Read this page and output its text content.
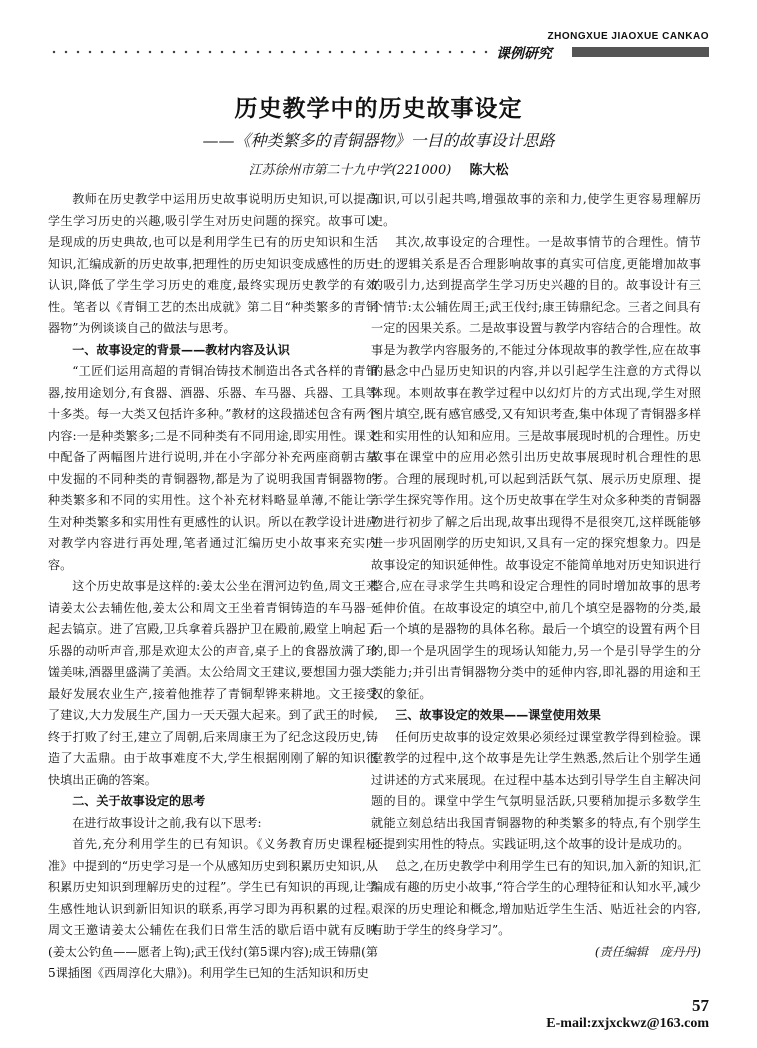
ZHONGXUE JIAOXUE CANKAO
课例研究
历史教学中的历史故事设定
——《种类繁多的青铜器物》一目的故事设计思路
江苏徐州市第二十九中学(221000) 陈大松

教师在历史教学中运用历史故事说明历史知识,可以提高学生学习历史的兴趣,吸引学生对历史问题的探究。故事可以是现成的历史典故,也可以是利用学生已有的历史知识和生活知识,汇编成新的历史故事,把理性的历史知识变成感性的历史认识,降低了学生学习历史的难度,最终实现历史教学的有效性。笔者以《青铜工艺的杰出成就》第二目“种类繁多的青铜器物”为例谈谈自己的做法与思考。

一、故事设定的背景——教材内容及认识

“工匠们运用高超的青铜冶铸技术制造出各式各样的青铜器,按用途划分,有食器、酒器、乐器、车马器、兵器、工具等十多类。每一大类又包括许多种。”教材的这段描述包含有两个内容:一是种类繁多;二是不同种类有不同用途,即实用性。课文中配备了两幅图片进行说明,并在小字部分补充两座商朝古墓中发掘的不同种类的青铜器物,都是为了说明我国青铜器物的种类繁多和不同的实用性。这个补充材料略显单薄,不能让学生对种类繁多和实用性有更感性的认识。所以在教学设计进应对教学内容进行再处理,笔者通过汇编历史小故事来充实内容。

这个历史故事是这样的:姜太公坐在渭河边钓鱼,周文王来请姜太公去辅佐他,姜太公和周文王坐着青铜铸造的车马器一起去镐京。进了宫殿,卫兵拿着兵器护卫在殿前,殿堂上响起了乐器的动听声音,那是欢迎太公的声音,桌子上的食器放满了珍馐美味,酒器里盛满了美酒。太公给周文王建议,要想国力强大,最好发展农业生产,接着他推荐了青铜犁铧来耕地。文王接受了建议,大力发展生产,国力一天天强大起来。到了武王的时候,终于打败了纣王,建立了周朝,后来周康王为了纪念这段历史,铸造了大盂鼎。由于故事难度不大,学生根据刚刚了解的知识很快填出正确的答案。

二、关于故事设定的思考

在进行故事设计之前,我有以下思考:

首先,充分利用学生的已有知识。《义务教育历史课程标准》中提到的“历史学习是一个从感知历史到积累历史知识,从积累历史知识到理解历史的过程”。学生已有知识的再现,让学生感性地认识到新旧知识的联系,再学习即为再积累的过程。周文王邀请姜太公辅佐在我们日常生活的歇后语中就有反映(姜太公钓鱼——愿者上钩);武王伐纣(第5课内容);成王铸鼎(第5课插图《西周淳化大鼎》)。利用学生已知的生活知识和历史

知识,可以引起共鸣,增强故事的亲和力,使学生更容易理解历史。

其次,故事设定的合理性。一是故事情节的合理性。情节上的逻辑关系是否合理影响故事的真实可信度,更能增加故事的吸引力,达到提高学生学习历史兴趣的目的。故事设计有三个情节:太公辅佐周王;武王伐纣;康王铸鼎纪念。三者之间具有一定的因果关系。二是故事设置与教学内容结合的合理性。故事是为教学内容服务的,不能过分体现故事的教学性,应在故事的悬念中凸显历史知识的内容,并以引起学生注意的方式得以体现。本则故事在教学过程中以幻灯片的方式出现,学生对照图片填空,既有感官感受,又有知识考查,集中体现了青铜器多样性和实用性的认知和应用。三是故事展现时机的合理性。历史故事在课堂中的应用必然引出历史故事展现时机合理性的思考。合理的展现时机,可以起到活跃气氛、展示历史原理、提示学生探究等作用。这个历史故事在学生对众多种类的青铜器物进行初步了解之后出现,故事出现得不是很突兀,这样既能够进一步巩固刚学的历史知识,又具有一定的探究想象力。四是故事设定的知识延伸性。故事设定不能简单地对历史知识进行整合,应在寻求学生共鸣和设定合理性的同时增加故事的思考延伸价值。在故事设定的填空中,前几个填空是器物的分类,最后一个填的是器物的具体名称。最后一个填空的设置有两个目的,即一个是巩固学生的现场认知能力,另一个是引导学生的分类能力;并引出青铜器物分类中的延伸内容,即礼器的用途和王权的象征。

三、故事设定的效果——课堂使用效果

任何历史故事的设定效果必须经过课堂教学得到检验。课堂教学的过程中,这个故事是先让学生熟悉,然后让个别学生通过讲述的方式来展现。在过程中基本达到引导学生自主解决问题的目的。课堂中学生气氛明显活跃,只要稍加提示多数学生就能立刻总结出我国青铜器物的种类繁多的特点,有个别学生还提到实用性的特点。实践证明,这个故事的设计是成功的。

总之,在历史教学中利用学生已有的知识,加入新的知识,汇编成有趣的历史小故事,“符合学生的心理特征和认知水平,减少艰深的历史理论和概念,增加贴近学生生活、贴近社会的内容,有助于学生的终身学习”。

(责任编辑　庞丹丹)

57
E-mail:zxjxckwz@163.com
